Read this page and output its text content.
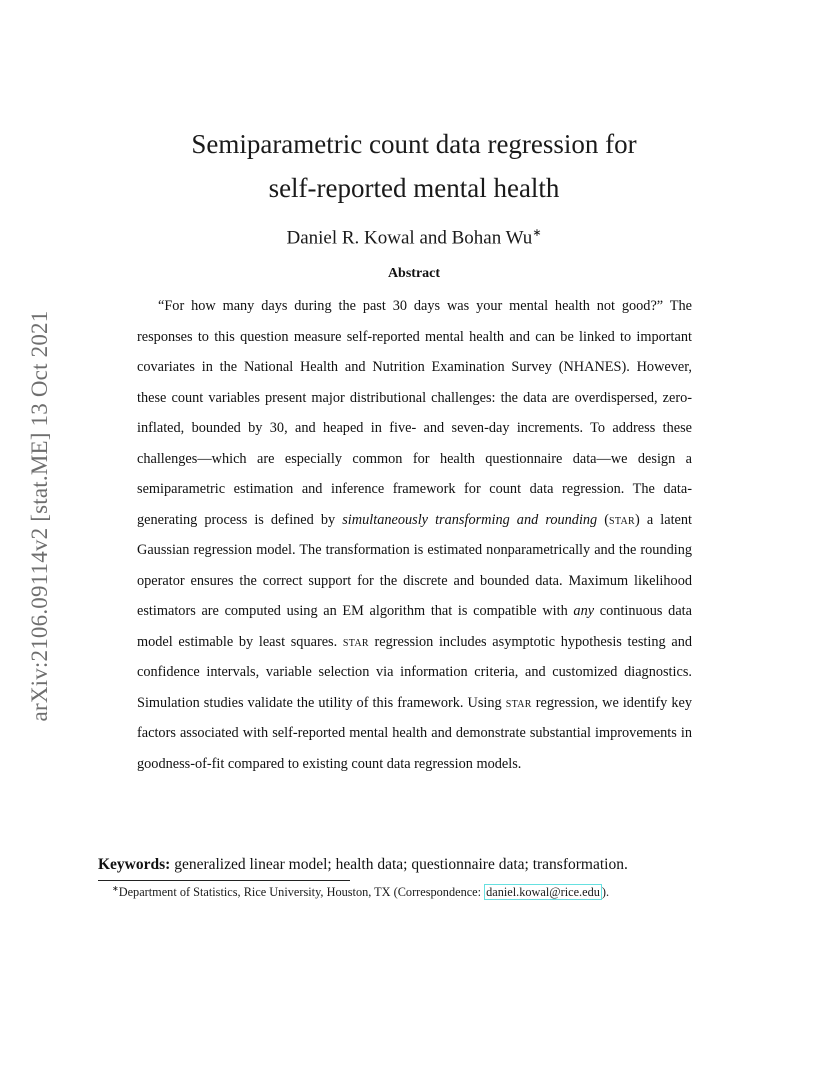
arXiv:2106.09114v2 [stat.ME] 13 Oct 2021
Semiparametric count data regression for
self-reported mental health
Daniel R. Kowal and Bohan Wu∗
Abstract

“For how many days during the past 30 days was your mental health not good?” The responses to this question measure self-reported mental health and can be linked to important covariates in the National Health and Nutrition Examination Survey (NHANES). However, these count variables present major distributional challenges: the data are overdispersed, zero-inflated, bounded by 30, and heaped in five- and seven-day increments. To address these challenges—which are especially common for health questionnaire data—we design a semiparametric estimation and inference framework for count data regression. The data-generating process is defined by simultaneously transforming and rounding (star) a latent Gaussian regression model. The transformation is estimated nonparametrically and the rounding operator ensures the correct support for the discrete and bounded data. Maximum likelihood estimators are computed using an EM algorithm that is compatible with any continuous data model estimable by least squares. star regression includes asymptotic hypothesis testing and confidence intervals, variable selection via information criteria, and customized diagnostics. Simulation studies validate the utility of this framework. Using star regression, we identify key factors associated with self-reported mental health and demonstrate substantial improvements in goodness-of-fit compared to existing count data regression models.

Keywords: generalized linear model; health data; questionnaire data; transformation.
∗Department of Statistics, Rice University, Houston, TX (Correspondence: daniel.kowal@rice.edu ).
